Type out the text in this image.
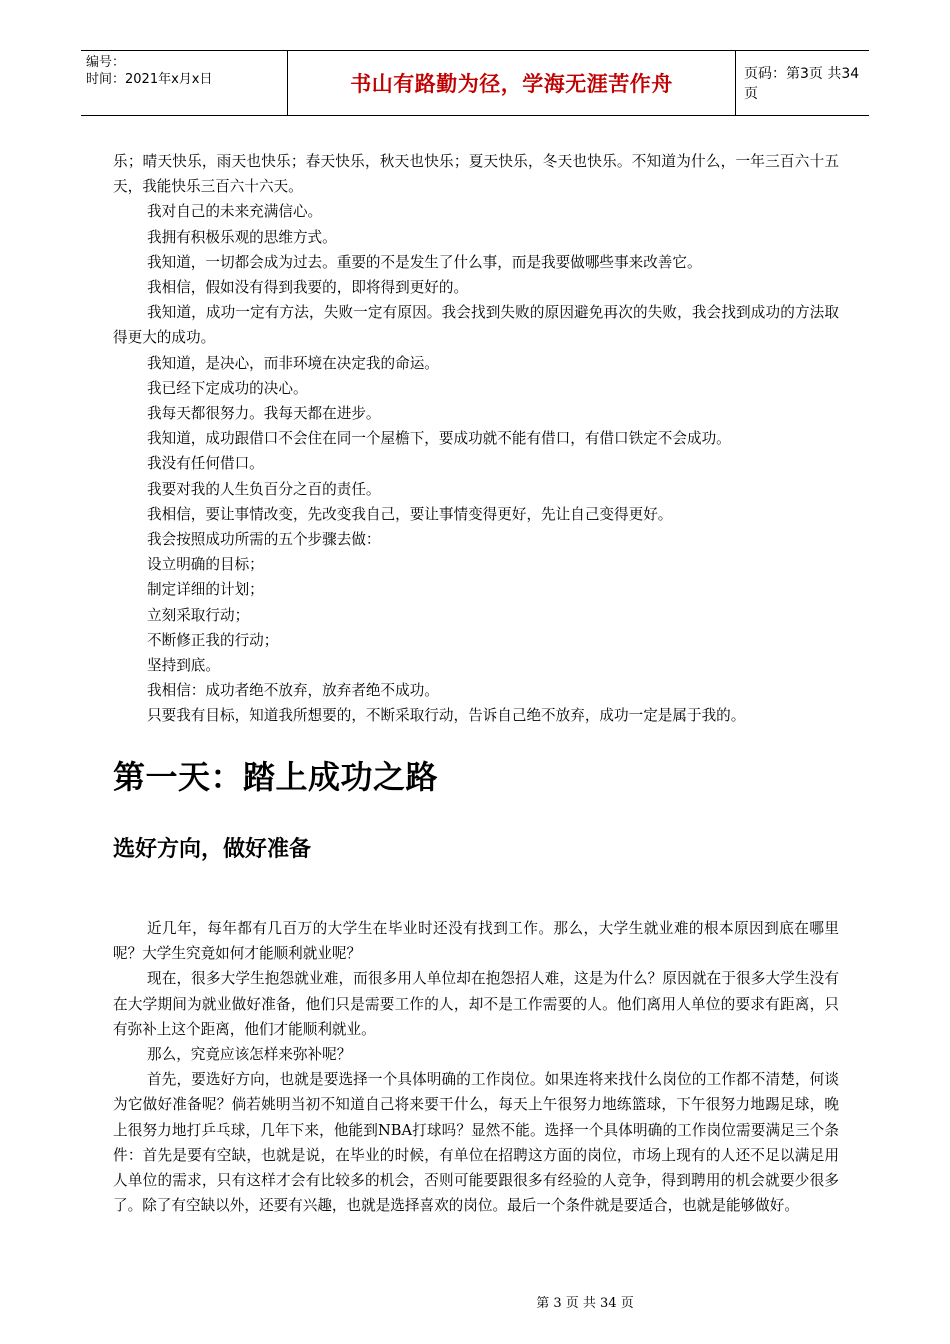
编号：
时间：2021年x月x日	书山有路勤为径，学海无涯苦作舟	页码：第3页 共34页

乐；晴天快乐，雨天也快乐；春天快乐，秋天也快乐；夏天快乐，冬天也快乐。不知道为什么，一年三百六十五天，我能快乐三百六十六天。

我对自己的未来充满信心。

我拥有积极乐观的思维方式。

我知道，一切都会成为过去。重要的不是发生了什么事，而是我要做哪些事来改善它。

我相信，假如没有得到我要的，即将得到更好的。

我知道，成功一定有方法，失败一定有原因。我会找到失败的原因避免再次的失败，我会找到成功的方法取得更大的成功。

我知道，是决心，而非环境在决定我的命运。

我已经下定成功的决心。

我每天都很努力。我每天都在进步。

我知道，成功跟借口不会住在同一个屋檐下，要成功就不能有借口，有借口铁定不会成功。

我没有任何借口。

我要对我的人生负百分之百的责任。

我相信，要让事情改变，先改变我自己，要让事情变得更好，先让自己变得更好。

我会按照成功所需的五个步骤去做：

设立明确的目标；

制定详细的计划；

立刻采取行动；

不断修正我的行动；

坚持到底。

我相信：成功者绝不放弃，放弃者绝不成功。

只要我有目标，知道我所想要的，不断采取行动，告诉自己绝不放弃，成功一定是属于我的。

第一天：踏上成功之路
选好方向，做好准备

近几年，每年都有几百万的大学生在毕业时还没有找到工作。那么，大学生就业难的根本原因到底在哪里呢？大学生究竟如何才能顺利就业呢？

现在，很多大学生抱怨就业难，而很多用人单位却在抱怨招人难，这是为什么？原因就在于很多大学生没有在大学期间为就业做好准备，他们只是需要工作的人，却不是工作需要的人。他们离用人单位的要求有距离，只有弥补上这个距离，他们才能顺利就业。

那么，究竟应该怎样来弥补呢？

首先，要选好方向，也就是要选择一个具体明确的工作岗位。如果连将来找什么岗位的工作都不清楚，何谈为它做好准备呢？倘若姚明当初不知道自己将来要干什么，每天上午很努力地练篮球，下午很努力地踢足球，晚上很努力地打乒乓球，几年下来，他能到NBA打球吗？显然不能。选择一个具体明确的工作岗位需要满足三个条件：首先是要有空缺，也就是说，在毕业的时候，有单位在招聘这方面的岗位，市场上现有的人还不足以满足用人单位的需求，只有这样才会有比较多的机会，否则可能要跟很多有经验的人竞争，得到聘用的机会就要少很多了。除了有空缺以外，还要有兴趣，也就是选择喜欢的岗位。最后一个条件就是要适合，也就是能够做好。

第 3 页 共 34 页
